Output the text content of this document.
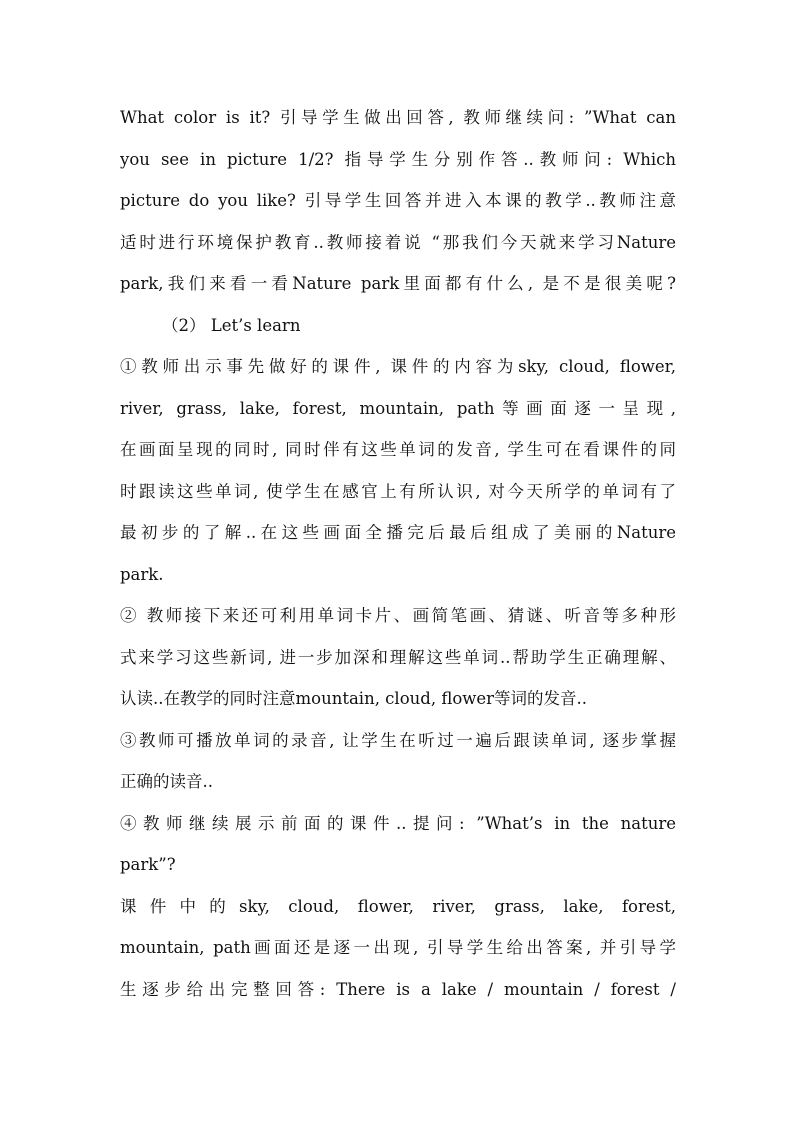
What color is it? 引导学生做出回答, 教师继续问: ”What can
you see in picture 1/2? 指导学生分别作答..教师问: Which
picture do you like? 引导学生回答并进入本课的教学..教师注意
适时进行环境保护教育..教师接着说 “那我们今天就来学习Nature
park,我们来看一看Nature park里面都有什么, 是不是很美呢?
（2） Let’s learn
①教师出示事先做好的课件, 课件的内容为sky, cloud, flower,
river, grass, lake, forest, mountain, path等画面逐一呈现,
在画面呈现的同时, 同时伴有这些单词的发音, 学生可在看课件的同
时跟读这些单词, 使学生在感官上有所认识, 对今天所学的单词有了
最初步的了解..在这些画面全播完后最后组成了美丽的Nature
park.
② 教师接下来还可利用单词卡片、画简笔画、猜谜、听音等多种形
式来学习这些新词, 进一步加深和理解这些单词..帮助学生正确理解、
认读..在教学的同时注意mountain, cloud, flower等词的发音..
③教师可播放单词的录音, 让学生在听过一遍后跟读单词, 逐步掌握
正确的读音..
④教师继续展示前面的课件..提问: ”What’s in the nature
park”?
课件中的sky, cloud, flower, river, grass, lake, forest,
mountain, path画面还是逐一出现, 引导学生给出答案, 并引导学
生逐步给出完整回答: There is a lake / mountain / forest /
